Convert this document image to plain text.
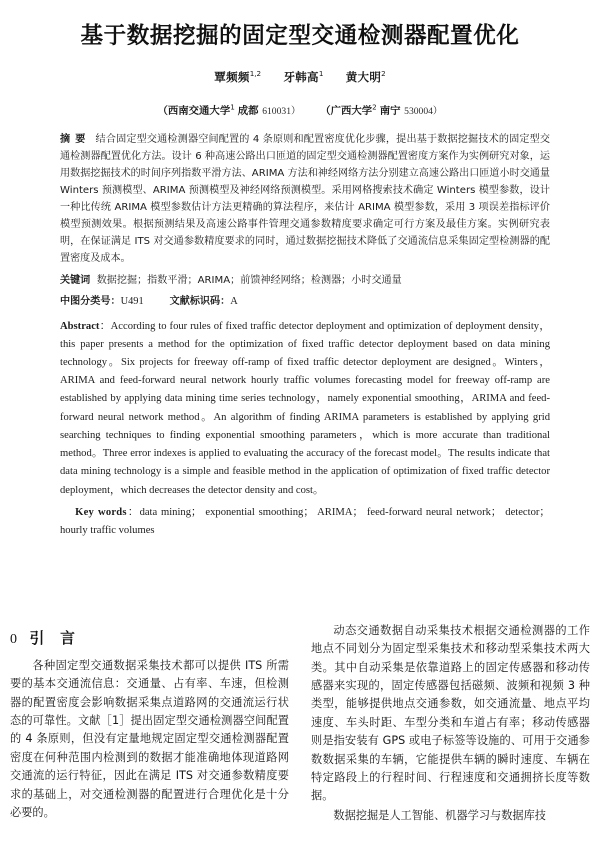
基于数据挖掘的固定型交通检测器配置优化
覃频频$^{1,2}$ 牙韩高$^1$ 黄大明$^2$
（西南交通大学$^1$ 成都 610031） （广西大学$^2$ 南宁 530004）
摘要 结合固定型交通检测器空间配置的 4 条原则和配置密度优化步骤，提出基于数据挖掘技术的固定型交通检测器配置优化方法。设计 6 种高速公路出口匝道的固定型交通检测器配置密度方案作为实例研究对象，运用数据挖掘技术的时间序列指数平滑方法、ARIMA 方法和神经网络方法分别建立高速公路出口匝道小时交通量 Winters 预测模型、ARIMA 预测模型及神经网络预测模型。采用网格搜索技术确定 Winters 模型参数，设计一种比传统 ARIMA 模型参数估计方法更精确的算法程序，来估计 ARIMA 模型参数，采用 3 项误差指标评价模型预测效果。根据预测结果及高速公路事件管理交通参数精度要求确定可行方案及最佳方案。实例研究表明，在保证满足 ITS 对交通参数精度要求的同时，通过数据挖掘技术降低了交通流信息采集固定型检测器的配置密度及成本。
关键词 数据挖掘；指数平滑；ARIMA；前馈神经网络；检测器；小时交通量
中图分类号：U491	文献标识码：A
Abstract：According to four rules of fixed traffic detector deployment and optimization of deployment density，this paper presents a method for the optimization of fixed traffic detector deployment based on data mining technology。Six projects for freeway off-ramp of fixed traffic detector deployment are designed。Winters，ARIMA and feed-forward neural network hourly traffic volumes forecasting model for freeway off-ramp are established by applying data mining time series technology，namely exponential smoothing，ARIMA and feed-forward neural network method。An algorithm of finding ARIMA parameters is established by applying grid searching techniques to finding exponential smoothing parameters，which is more accurate than traditional method。Three error indexes is applied to evaluating the accuracy of the forecast model。The results indicate that data mining technology is a simple and feasible method in the application of optimization of fixed traffic detector deployment，which decreases the detector density and cost。
Key words：data mining； exponential smoothing； ARIMA； feed-forward neural network； detector； hourly traffic volumes
0 引　言

各种固定型交通数据采集技术都可以提供 ITS 所需要的基本交通流信息：交通量、占有率、车速，但检测器的配置密度会影响数据采集点道路网的交通流运行状态的可靠性。文献［1］提出固定型交通检测器空间配置的 4 条原则，但没有定量地规定固定型交通检测器配置密度在何种范围内检测到的数据才能准确地体现道路网交通流的运行特征，因此在满足 ITS 对交通参数精度要求的基础上，对交通检测器的配置进行合理优化是十分必要的。

动态交通数据自动采集技术根据交通检测器的工作地点不同划分为固定型采集技术和移动型采集技术两大类。其中自动采集是依靠道路上的固定传感器和移动传感器来实现的，固定传感器包括磁频、波频和视频 3 种类型，能够提供地点交通参数，如交通流量、地点平均速度、车头时距、车型分类和车道占有率；移动传感器则是指安装有 GPS 或电子标签等设施的、可用于交通参数数据采集的车辆，它能提供车辆的瞬时速度、车辆在特定路段上的行程时间、行程速度和交通拥挤长度等数据。

数据挖掘是人工智能、机器学习与数据库技
